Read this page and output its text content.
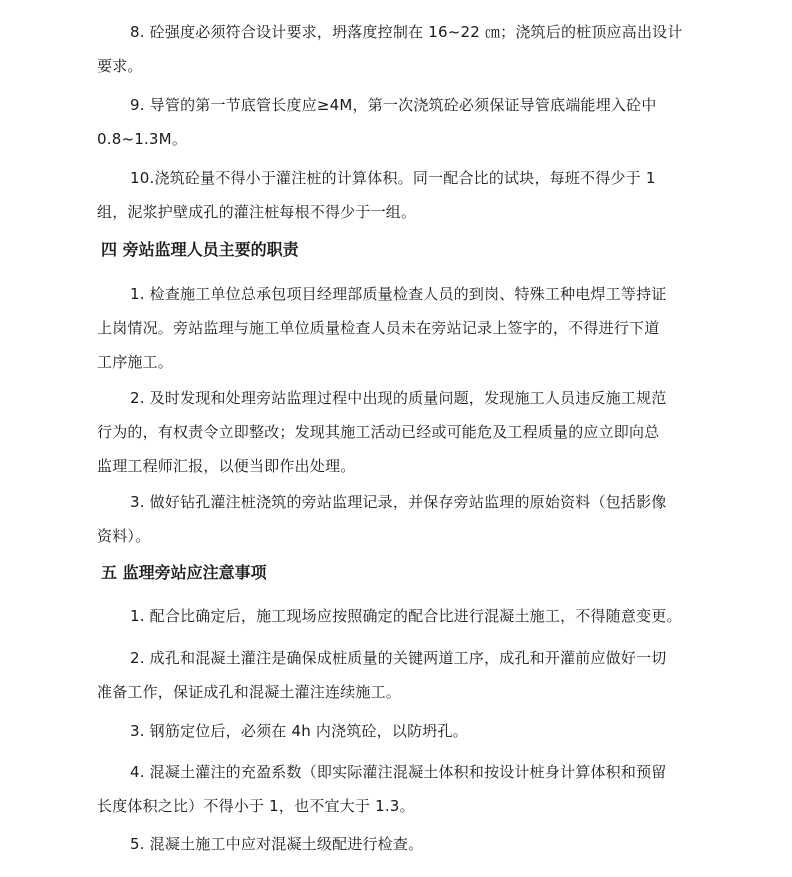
8. 砼强度必须符合设计要求，坍落度控制在 16~22 ㎝；浇筑后的桩顶应高出设计
要求。

9. 导管的第一节底管长度应≥4M，第一次浇筑砼必须保证导管底端能埋入砼中
0.8~1.3M。

10.浇筑砼量不得小于灌注桩的计算体积。同一配合比的试块，每班不得少于 1
组，泥浆护壁成孔的灌注桩每根不得少于一组。

四 旁站监理人员主要的职责

1. 检查施工单位总承包项目经理部质量检查人员的到岗、特殊工种电焊工等持证
上岗情况。旁站监理与施工单位质量检查人员未在旁站记录上签字的，不得进行下道
工序施工。

2. 及时发现和处理旁站监理过程中出现的质量问题，发现施工人员违反施工规范
行为的，有权责令立即整改；发现其施工活动已经或可能危及工程质量的应立即向总
监理工程师汇报，以便当即作出处理。

3. 做好钻孔灌注桩浇筑的旁站监理记录，并保存旁站监理的原始资料（包括影像
资料）。

五 监理旁站应注意事项

1. 配合比确定后，施工现场应按照确定的配合比进行混凝土施工，不得随意变更。

2. 成孔和混凝土灌注是确保成桩质量的关键两道工序，成孔和开灌前应做好一切
准备工作，保证成孔和混凝土灌注连续施工。

3. 钢筋定位后，必须在 4h 内浇筑砼，以防坍孔。

4. 混凝土灌注的充盈系数（即实际灌注混凝土体积和按设计桩身计算体积和预留
长度体积之比）不得小于 1，也不宜大于 1.3。

5. 混凝土施工中应对混凝土级配进行检查。
